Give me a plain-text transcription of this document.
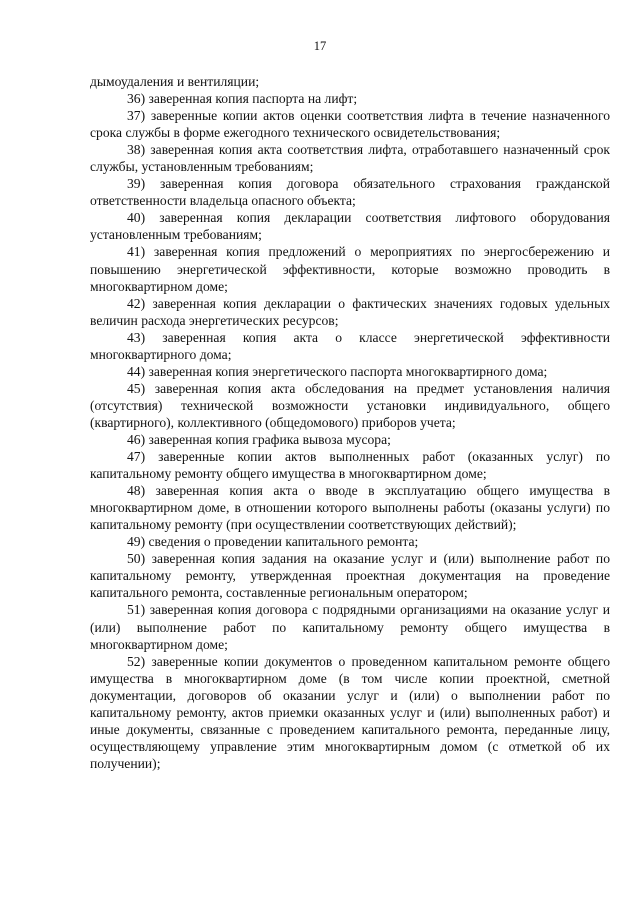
17

дымоудаления и вентиляции;

36) заверенная копия паспорта на лифт;

37) заверенные копии актов оценки соответствия лифта в течение назначенного срока службы в форме ежегодного технического освидетельствования;

38) заверенная копия акта соответствия лифта, отработавшего назначенный срок службы, установленным требованиям;

39) заверенная копия договора обязательного страхования гражданской ответственности владельца опасного объекта;

40) заверенная копия декларации соответствия лифтового оборудования установленным требованиям;

41) заверенная копия предложений о мероприятиях по энергосбережению и повышению энергетической эффективности, которые возможно проводить в многоквартирном доме;

42) заверенная копия декларации о фактических значениях годовых удельных величин расхода энергетических ресурсов;

43) заверенная копия акта о классе энергетической эффективности многоквартирного дома;

44) заверенная копия энергетического паспорта многоквартирного дома;

45) заверенная копия акта обследования на предмет установления наличия (отсутствия) технической возможности установки индивидуального, общего (квартирного), коллективного (общедомового) приборов учета;

46) заверенная копия графика вывоза мусора;

47) заверенные копии актов выполненных работ (оказанных услуг) по капитальному ремонту общего имущества в многоквартирном доме;

48) заверенная копия акта о вводе в эксплуатацию общего имущества в многоквартирном доме, в отношении которого выполнены работы (оказаны услуги) по капитальному ремонту (при осуществлении соответствующих действий);

49) сведения о проведении капитального ремонта;

50) заверенная копия задания на оказание услуг и (или) выполнение работ по капитальному ремонту, утвержденная проектная документация на проведение капитального ремонта, составленные региональным оператором;

51) заверенная копия договора с подрядными организациями на оказание услуг и (или) выполнение работ по капитальному ремонту общего имущества в многоквартирном доме;

52) заверенные копии документов о проведенном капитальном ремонте общего имущества в многоквартирном доме (в том числе копии проектной, сметной документации, договоров об оказании услуг и (или) о выполнении работ по капитальному ремонту, актов приемки оказанных услуг и (или) выполненных работ) и иные документы, связанные с проведением капитального ремонта, переданные лицу, осуществляющему управление этим многоквартирным домом (с отметкой об их получении);
